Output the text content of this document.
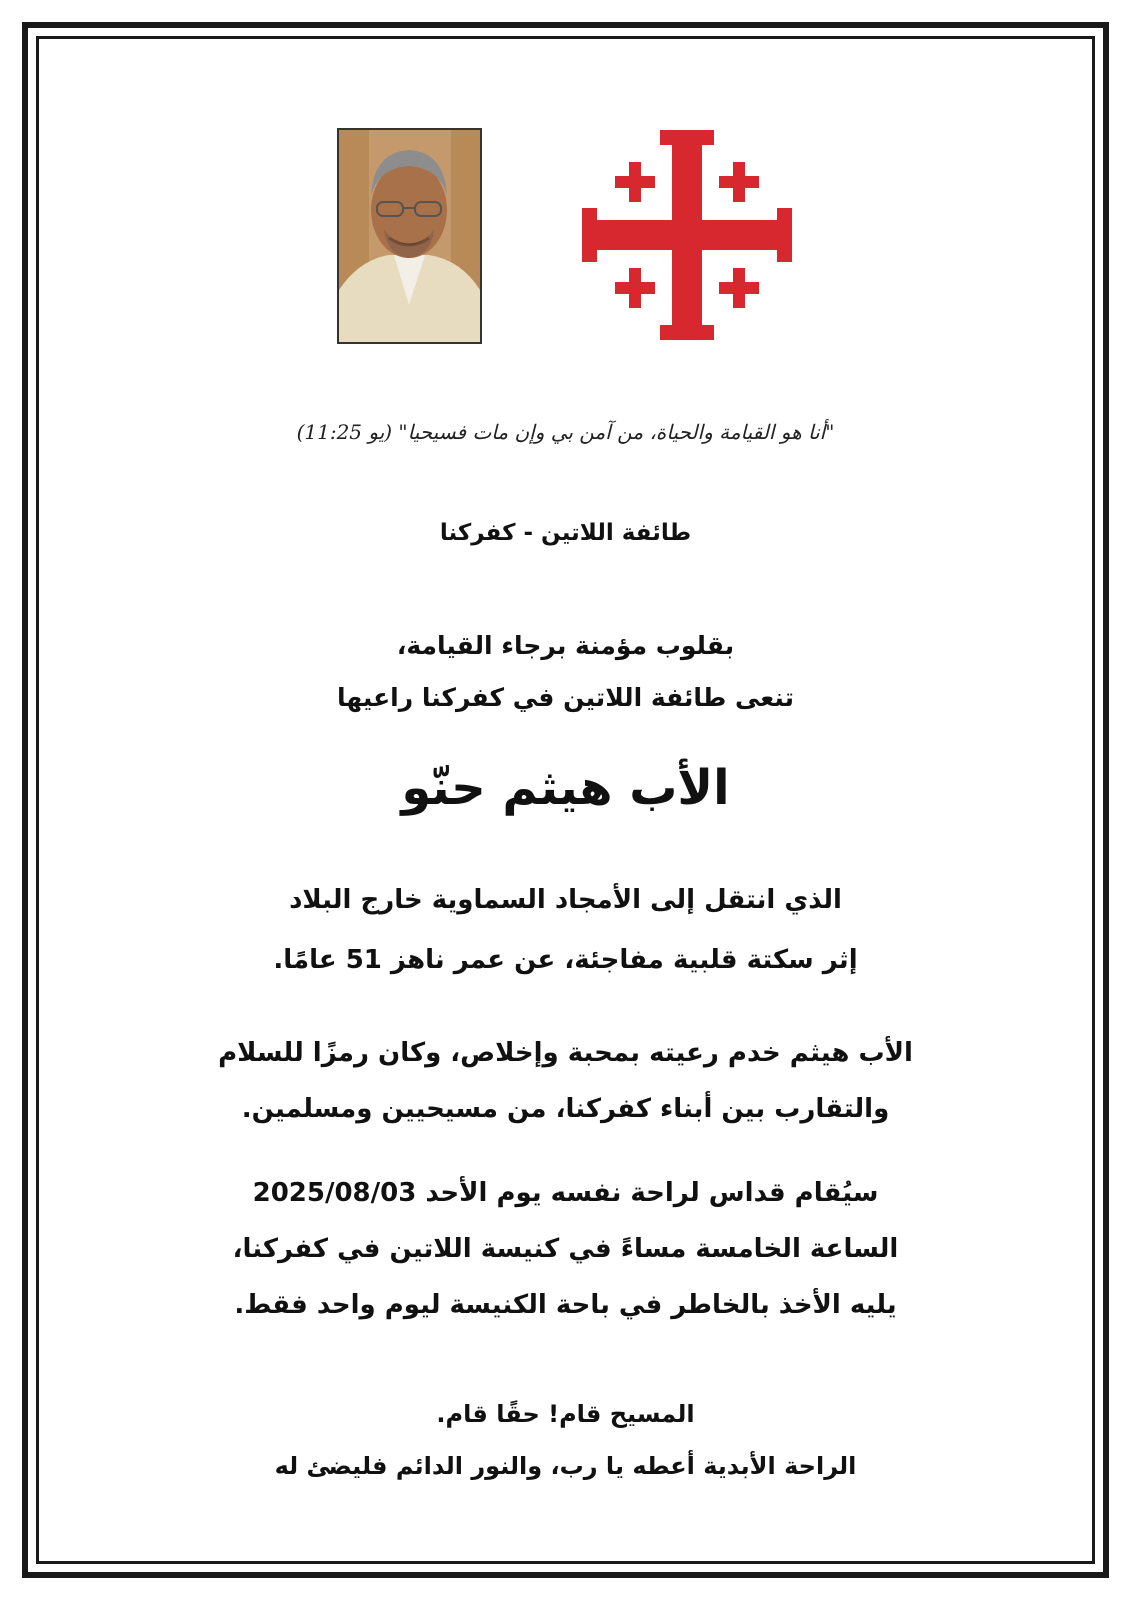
"أنا هو القيامة والحياة، من آمن بي وإن مات فسيحيا" (يو 11:25)
طائفة اللاتين - كفركنا
بقلوب مؤمنة برجاء القيامة،
تنعى طائفة اللاتين في كفركنا راعيها
الأب هيثم حنّو
الذي انتقل إلى الأمجاد السماوية خارج البلاد
إثر سكتة قلبية مفاجئة، عن عمر ناهز 51 عامًا.
الأب هيثم خدم رعيته بمحبة وإخلاص، وكان رمزًا للسلام
والتقارب بين أبناء كفركنا، من مسيحيين ومسلمين.
سيُقام قداس لراحة نفسه يوم الأحد 2025/08/03
الساعة الخامسة مساءً في كنيسة اللاتين في كفركنا،
يليه الأخذ بالخاطر في باحة الكنيسة ليوم واحد فقط.
المسيح قام! حقًا قام.
الراحة الأبدية أعطه يا رب، والنور الدائم فليضئ له
